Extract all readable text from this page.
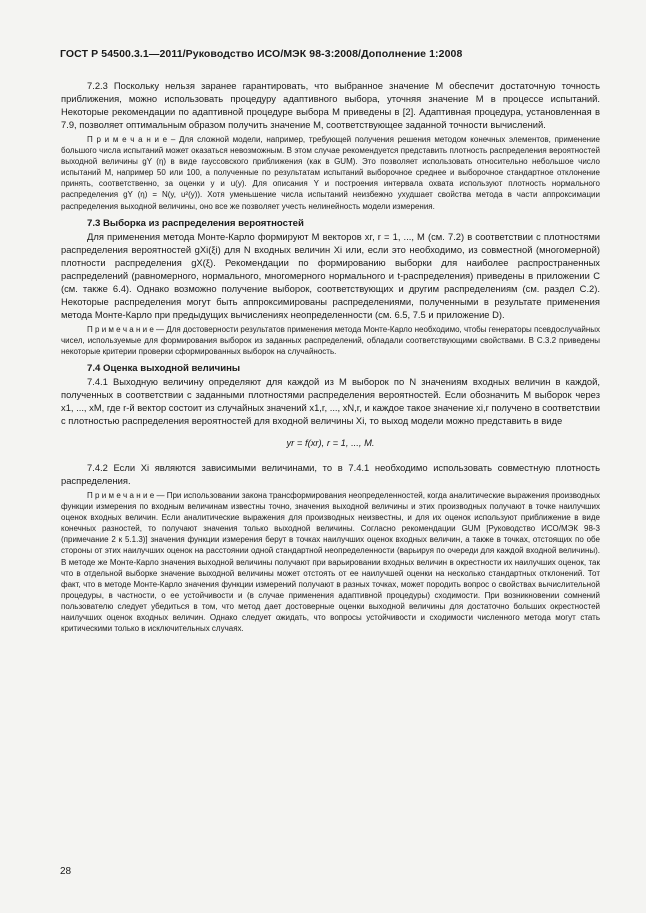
ГОСТ Р 54500.3.1—2011/Руководство ИСО/МЭК 98-3:2008/Дополнение 1:2008

7.2.3 Поскольку нельзя заранее гарантировать, что выбранное значение M обеспечит достаточную точность приближения, можно использовать процедуру адаптивного выбора, уточняя значение M в процессе испытаний. Некоторые рекомендации по адаптивной процедуре выбора M приведены в [2]. Адаптивная процедура, установленная в 7.9, позволяет оптимальным образом получить значение M, соответствующее заданной точности вычислений.

П р и м е ч а н и е – Для сложной модели, например, требующей получения решения методом конечных элементов, применение большого числа испытаний может оказаться невозможным. В этом случае рекомендуется представить плотность распределения вероятностей выходной величины gY (η) в виде гауссовского приближения (как в GUM). Это позволяет использовать относительно небольшое число испытаний M, например 50 или 100, а полученные по результатам испытаний выборочное среднее и выборочное стандартное отклонение принять, соответственно, за оценки y и u(y). Для описания Y и построения интервала охвата используют плотность нормального распределения gY (η) = N(y, u²(y)). Хотя уменьшение числа испытаний неизбежно ухудшает свойства метода в части аппроксимации распределения выходной величины, оно все же позволяет учесть нелинейность модели измерения.

7.3 Выборка из распределения вероятностей

Для применения метода Монте-Карло формируют M векторов xr, r = 1, ..., M (см. 7.2) в соответствии с плотностями распределения вероятностей gXi(ξi) для N входных величин Xi или, если это необходимо, из совместной (многомерной) плотности распределения gX(ξ). Рекомендации по формированию выборки для наиболее распространенных распределений (равномерного, нормального, многомерного нормального и t-распределения) приведены в приложении C (см. также 6.4). Однако возможно получение выборок, соответствующих и другим распределениям (см. раздел C.2). Некоторые распределения могут быть аппроксимированы распределениями, полученными в результате применения метода Монте-Карло при предыдущих вычислениях неопределенности (см. 6.5, 7.5 и приложение D).

П р и м е ч а н и е — Для достоверности результатов применения метода Монте-Карло необходимо, чтобы генераторы псевдослучайных чисел, используемые для формирования выборок из заданных распределений, обладали соответствующими свойствами. В C.3.2 приведены некоторые критерии проверки сформированных выборок на случайность.

7.4 Оценка выходной величины

7.4.1 Выходную величину определяют для каждой из M выборок по N значениям входных величин в каждой, полученных в соответствии с заданными плотностями распределения вероятностей. Если обозначить M выборок через x1, ..., xM, где r-й вектор состоит из случайных значений x1,r, ..., xN,r, и каждое такое значение xi,r получено в соответствии с плотностью распределения вероятностей для входной величины Xi, то выход модели можно представить в виде

yr = f(xr), r = 1, ..., M.

7.4.2 Если Xi являются зависимыми величинами, то в 7.4.1 необходимо использовать совместную плотность распределения.

П р и м е ч а н и е — При использовании закона трансформирования неопределенностей, когда аналитические выражения производных функции измерения по входным величинам известны точно, значения выходной величины и этих производных получают в точке наилучших оценок входных величин. Если аналитические выражения для производных неизвестны, и для их оценок используют приближение в виде конечных разностей, то получают значения только выходной величины. Согласно рекомендации GUM [Руководство ИСО/МЭК 98-3 (примечание 2 к 5.1.3)] значения функции измерения берут в точках наилучших оценок входных величин, а также в точках, отстоящих по обе стороны от этих наилучших оценок на расстоянии одной стандартной неопределенности (варьируя по очереди для каждой входной величины). В методе же Монте-Карло значения выходной величины получают при варьировании входных величин в окрестности их наилучших оценок, так что в отдельной выборке значение выходной величины может отстоять от ее наилучшей оценки на несколько стандартных отклонений. Тот факт, что в методе Монте-Карло значения функции измерений получают в разных точках, может породить вопрос о свойствах вычислительной процедуры, в частности, о ее устойчивости и (в случае применения адаптивной процедуры) сходимости. При возникновении сомнений пользователю следует убедиться в том, что метод дает достоверные оценки выходной величины для достаточно больших окрестностей наилучших оценок входных величин. Однако следует ожидать, что вопросы устойчивости и сходимости численного метода могут стать критическими только в исключительных случаях.

28
